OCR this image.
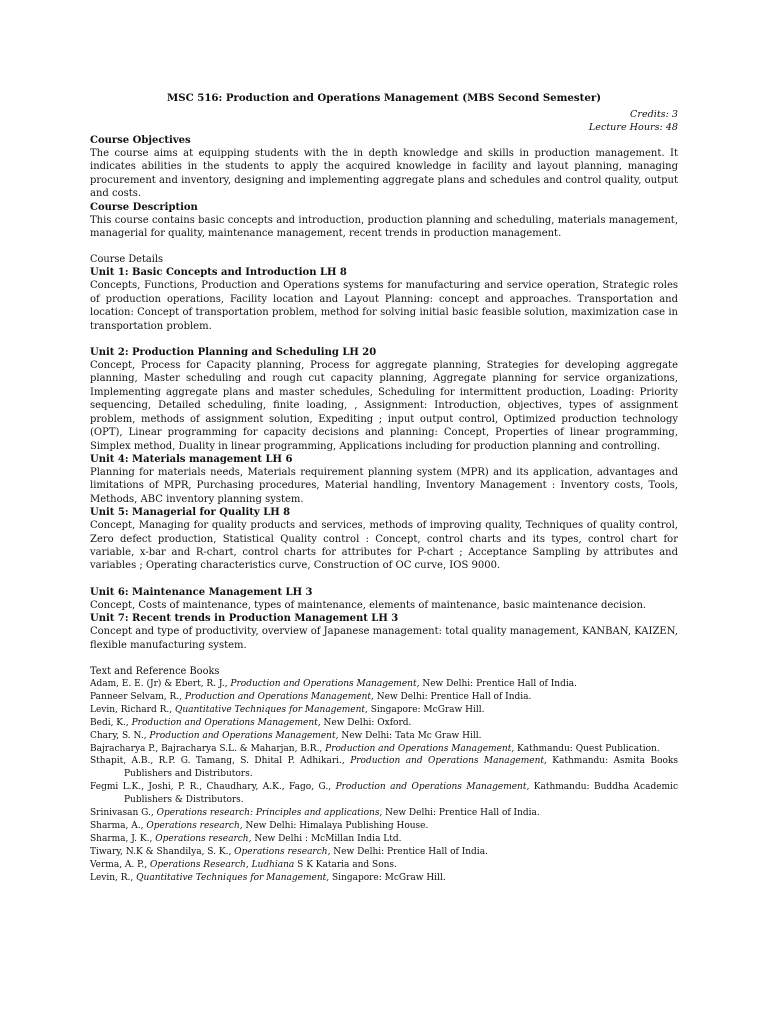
MSC 516: Production and Operations Management (MBS Second Semester)

Credits: 3
Lecture Hours: 48

Course Objectives

The course aims at equipping students with the in depth knowledge and skills in production management. It indicates abilities in the students to apply the acquired knowledge in facility and layout planning, managing procurement and inventory, designing and implementing aggregate plans and schedules and control quality, output and costs.

Course Description

This course contains basic concepts and introduction, production planning and scheduling, materials management, managerial for quality, maintenance management, recent trends in production management.

Course Details

Unit 1: Basic Concepts and Introduction LH 8

Concepts, Functions, Production and Operations systems for manufacturing and service operation, Strategic roles of production operations, Facility location and Layout Planning: concept and approaches. Transportation and location: Concept of transportation problem, method for solving initial basic feasible solution, maximization case in transportation problem.

Unit 2: Production Planning and Scheduling LH 20

Concept, Process for Capacity planning, Process for aggregate planning, Strategies for developing aggregate planning, Master scheduling and rough cut capacity planning, Aggregate planning for service organizations, Implementing aggregate plans and master schedules, Scheduling for intermittent production, Loading: Priority sequencing, Detailed scheduling, finite loading, , Assignment: Introduction, objectives, types of assignment problem, methods of assignment solution, Expediting ; input output control, Optimized production technology (OPT), Linear programming for capacity decisions and planning: Concept, Properties of linear programming, Simplex method, Duality in linear programming, Applications including for production planning and controlling.

Unit 4: Materials management LH 6

Planning for materials needs, Materials requirement planning system (MPR) and its application, advantages and limitations of MPR, Purchasing procedures, Material handling, Inventory Management : Inventory costs, Tools, Methods, ABC inventory planning system.

Unit 5: Managerial for Quality LH 8

Concept, Managing for quality products and services, methods of improving quality, Techniques of quality control, Zero defect production, Statistical Quality control : Concept, control charts and its types, control chart for variable, x-bar and R-chart, control charts for attributes for P-chart ; Acceptance Sampling by attributes and variables ; Operating characteristics curve, Construction of OC curve, IOS 9000.

Unit 6: Maintenance Management LH 3

Concept, Costs of maintenance, types of maintenance, elements of maintenance, basic maintenance decision.

Unit 7: Recent trends in Production Management LH 3

Concept and type of productivity, overview of Japanese management: total quality management, KANBAN, KAIZEN, flexible manufacturing system.

Text and Reference Books

Adam, E. E. (Jr) & Ebert, R. J., Production and Operations Management, New Delhi: Prentice Hall of India.
Panneer Selvam, R., Production and Operations Management, New Delhi: Prentice Hall of India.
Levin, Richard R., Quantitative Techniques for Management, Singapore: McGraw Hill.
Bedi, K., Production and Operations Management, New Delhi: Oxford.
Chary, S. N., Production and Operations Management, New Delhi: Tata Mc Graw Hill.
Bajracharya P., Bajracharya S.L. & Maharjan, B.R., Production and Operations Management, Kathmandu: Quest Publication.
Sthapit, A.B., R.P. G. Tamang, S. Dhital P. Adhikari., Production and Operations Management, Kathmandu: Asmita Books Publishers and Distributors.
Fegmi L.K., Joshi, P. R., Chaudhary, A.K., Fago, G., Production and Operations Management, Kathmandu: Buddha Academic Publishers & Distributors.
Srinivasan G., Operations research: Principles and applications, New Delhi: Prentice Hall of India.
Sharma, A., Operations research, New Delhi: Himalaya Publishing House.
Sharma, J. K., Operations research, New Delhi : McMillan India Ltd.
Tiwary, N.K & Shandilya, S. K., Operations research, New Delhi: Prentice Hall of India.
Verma, A. P., Operations Research, Ludhiana S K Kataria and Sons.
Levin, R., Quantitative Techniques for Management, Singapore: McGraw Hill.
